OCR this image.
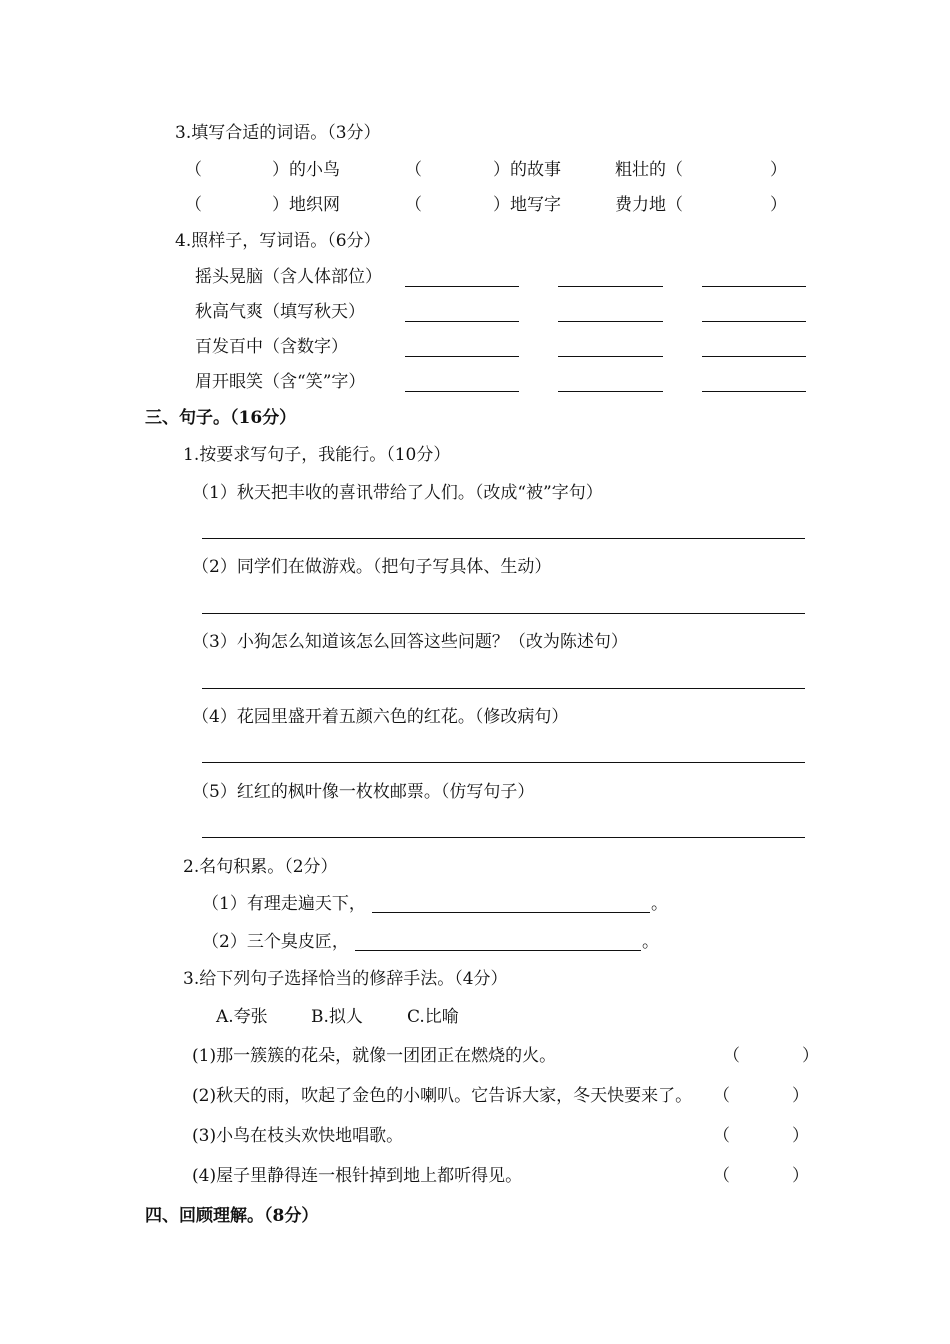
3.填写合适的词语。（3分）
（	）的小鸟	（	）的故事	粗壮的（	）
（	）地织网	（	）地写字	费力地（	）
4.照样子，写词语。（6分）
摇头晃脑（含人体部位）
秋高气爽（填写秋天）
百发百中（含数字）
眉开眼笑（含“笑”字）
三、句子。（16分）
1.按要求写句子，我能行。（10分）
（1）秋天把丰收的喜讯带给了人们。（改成“被”字句）
（2）同学们在做游戏。（把句子写具体、生动）
（3）小狗怎么知道该怎么回答这些问题？（改为陈述句）
（4）花园里盛开着五颜六色的红花。（修改病句）
（5）红红的枫叶像一枚枚邮票。（仿写句子）
2.名句积累。（2分）
（1）有理走遍天下，	。
（2）三个臭皮匠，	。
3.给下列句子选择恰当的修辞手法。（4分）
A.夸张	B.拟人	C.比喻
(1)那一簇簇的花朵，就像一团团正在燃烧的火。	（	）
(2)秋天的雨，吹起了金色的小喇叭。它告诉大家，冬天快要来了。 （	）
(3)小鸟在枝头欢快地唱歌。	（	）
(4)屋子里静得连一根针掉到地上都听得见。	（	）
四、回顾理解。（8分）
